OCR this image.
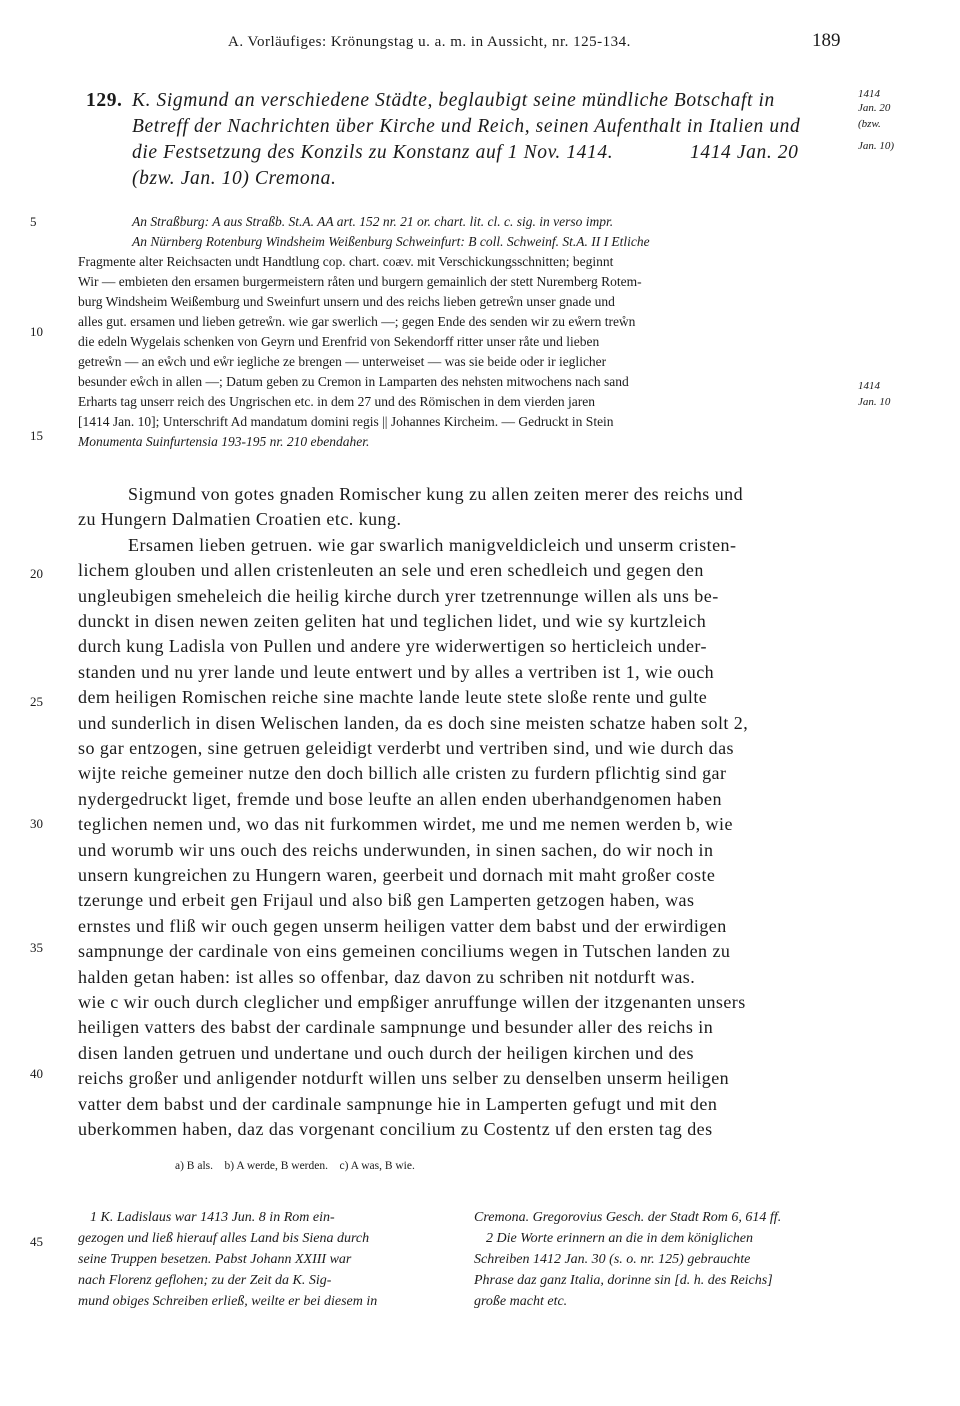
A. Vorläufiges: Krönungstag u. a. m. in Aussicht, nr. 125-134.	189
129. K. Sigmund an verschiedene Städte, beglaubigt seine mündliche Botschaft in
Betreff der Nachrichten über Kirche und Reich, seinen Aufenthalt in Italien und
die Festsetzung des Konzils zu Konstanz auf 1 Nov. 1414.	1414 Jan. 20
(bzw. Jan. 10) Cremona.
1414
Jan. 20
(bzw.
Jan. 10)
An Straßburg: A aus Straßb. St.A. AA art. 152 nr. 21 or. chart. lit. cl. c. sig. in verso impr.
An Nürnberg Rotenburg Windsheim Weißenburg Schweinfurt: B coll. Schweinf. St.A. II I Etliche
Fragmente alter Reichsacten undt Handtlung cop. chart. coæv. mit Verschickungsschnitten; beginnt
Wir — embieten den ersamen burgermeistern råten und burgern gemainlich der stett Nuremberg Rotem-
burg Windsheim Weißemburg und Sweinfurt unsern und des reichs lieben getreẘn unser gnade und
alles gut. ersamen und lieben getreẘn. wie gar swerlich —; gegen Ende des senden wir zu eẘern treẘn
die edeln Wygelais schenken von Geyrn und Erenfrid von Sekendorff ritter unser råte und lieben
getreẘn — an eẘch und eẘr iegliche ze brengen — unterweiset — was sie beide oder ir ieglicher
besunder eẘch in allen —; Datum geben zu Cremon in Lamparten des nehsten mitwochens nach sand
Erharts tag unserr reich des Ungrischen etc. in dem 27 und des Römischen in dem vierden jaren
[1414 Jan. 10]; Unterschrift Ad mandatum domini regis || Johannes Kircheim. — Gedruckt in Stein
Monumenta Suinfurtensia 193-195 nr. 210 ebendaher.
1414
Jan. 10
Sigmund von gotes gnaden Romischer kung zu allen zeiten merer des reichs und
zu Hungern Dalmatien Croatien etc. kung.
Ersamen lieben getruen. wie gar swarlich manigveldicleich und unserm cristen-
lichem glouben und allen cristenleuten an sele und eren schedleich und gegen den
ungleubigen smeheleich die heilig kirche durch yrer tzetrennunge willen als uns be-
dunckt in disen newen zeiten geliten hat und teglichen lidet, und wie sy kurtzleich
durch kung Ladisla von Pullen und andere yre widerwertigen so herticleich under-
standen und nu yrer lande und leute entwert und by alles a vertriben ist 1, wie ouch
dem heiligen Romischen reiche sine machte lande leute stete sloße rente und gulte
und sunderlich in disen Welischen landen, da es doch sine meisten schatze haben solt 2,
so gar entzogen, sine getruen geleidigt verderbt und vertriben sind, und wie durch das
wijte reiche gemeiner nutze den doch billich alle cristen zu furdern pflichtig sind gar
nydergedruckt liget, fremde und bose leufte an allen enden uberhandgenomen haben
teglichen nemen und, wo das nit furkommen wirdet, me und me nemen werden b, wie
und worumb wir uns ouch des reichs underwunden, in sinen sachen, do wir noch in
unsern kungreichen zu Hungern waren, geerbeit und dornach mit maht großer coste
tzerunge und erbeit gen Frijaul und also biß gen Lamperten getzogen haben, was
ernstes und fliß wir ouch gegen unserm heiligen vatter dem babst und der erwirdigen
sampnunge der cardinale von eins gemeinen conciliums wegen in Tutschen landen zu
halden getan haben: ist alles so offenbar, daz davon zu schriben nit notdurft was.
wie c wir ouch durch cleglicher und empßiger anruffunge willen der itzgenanten unsers
heiligen vatters des babst der cardinale sampnunge und besunder aller des reichs in
disen landen getruen und undertane und ouch durch der heiligen kirchen und des
reichs großer und anligender notdurft willen uns selber zu denselben unserm heiligen
vatter dem babst und der cardinale sampnunge hie in Lamperten gefugt und mit den
uberkommen haben, daz das vorgenant concilium zu Costentz uf den ersten tag des
5
10
15
20
25
30
35
40
45
a) B als.    b) A werde, B werden.    c) A was, B wie.
1 K. Ladislaus war 1413 Jun. 8 in Rom ein-
gezogen und ließ hierauf alles Land bis Siena durch
seine Truppen besetzen. Pabst Johann XXIII war
nach Florenz geflohen; zu der Zeit da K. Sig-
mund obiges Schreiben erließ, weilte er bei diesem in
Cremona. Gregorovius Gesch. der Stadt Rom 6, 614 ff.
2 Die Worte erinnern an die in dem königlichen
Schreiben 1412 Jan. 30 (s. o. nr. 125) gebrauchte
Phrase daz ganz Italia, dorinne sin [d. h. des Reichs]
große macht etc.
